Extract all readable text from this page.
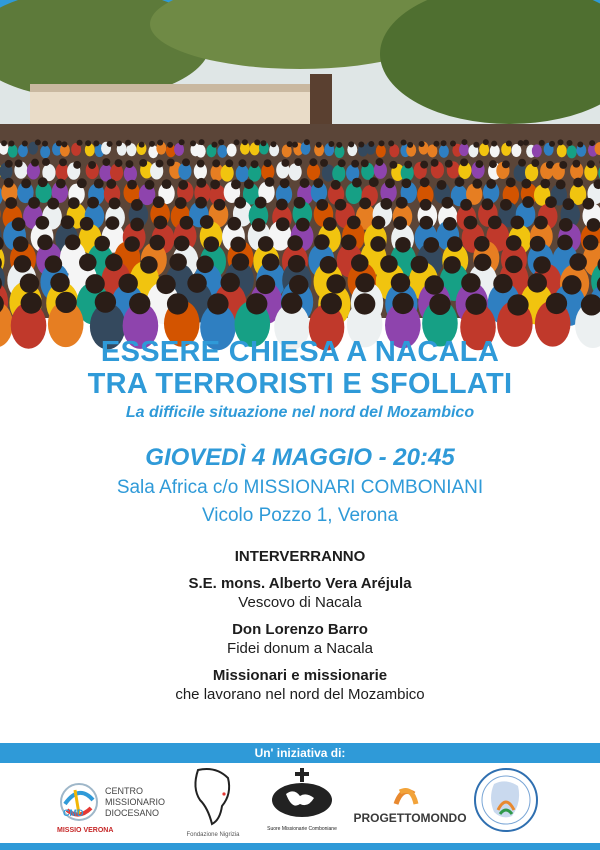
ESSERE CHIESA A NACALA
TRA TERRORISTI E SFOLLATI
La difficile situazione nel nord del Mozambico
GIOVEDÌ 4 MAGGIO - 20:45
Sala Africa c/o MISSIONARI COMBONIANI
Vicolo Pozzo 1, Verona
INTERVERRANNO
S.E. mons. Alberto Vera Aréjula
Vescovo di Nacala
Don Lorenzo Barro
Fidei donum a Nacala
Missionari e missionarie
che lavorano nel nord del Mozambico
Un' iniziativa di:
CMD
CENTRO
MISSIONARIO
DIOCESANO
MISSIO VERONA
Fondazione Nigrizia
Suore Missionarie Comboniane
PROGETTOMONDO
